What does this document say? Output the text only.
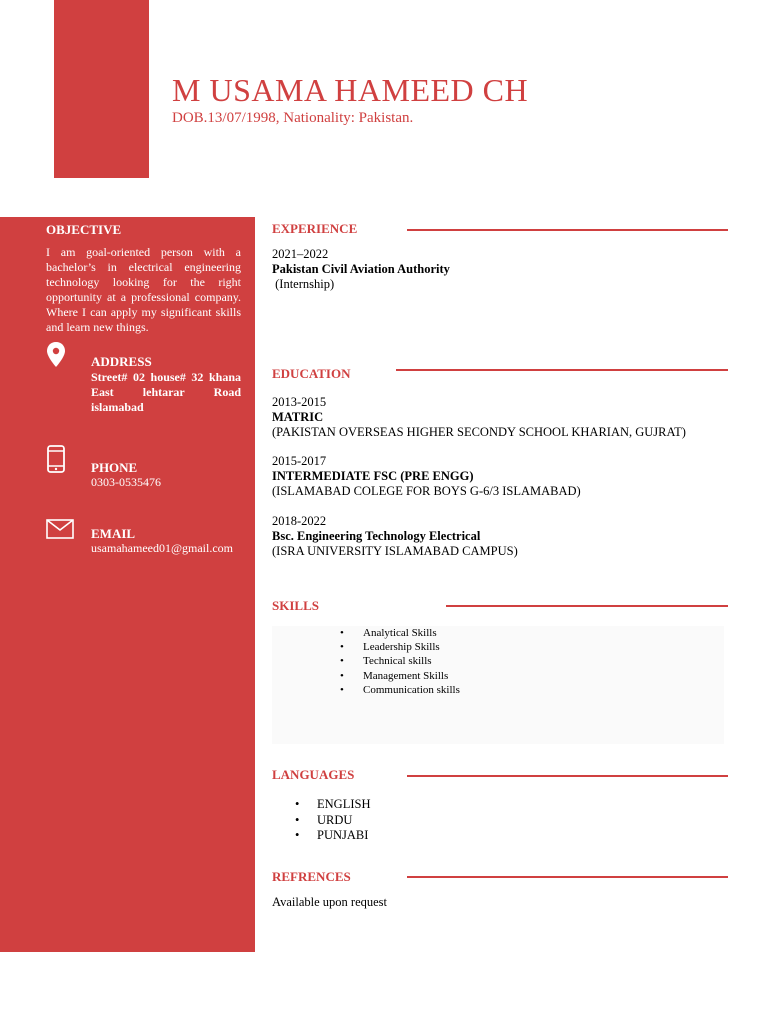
M USAMA HAMEED CH
DOB.13/07/1998, Nationality: Pakistan.
OBJECTIVE
I am goal-oriented person with a bachelor’s in electrical engineering technology looking for the right opportunity at a professional company. Where I can apply my significant skills and learn new things.
ADDRESS
Street# 02 house# 32 khana East lehtarar Road islamabad
PHONE
0303-0535476
EMAIL
usamahameed01@gmail.com
EXPERIENCE
2021–2022
Pakistan Civil Aviation Authority
(Internship)
EDUCATION
2013-2015
MATRIC
(PAKISTAN OVERSEAS HIGHER SECONDY SCHOOL KHARIAN, GUJRAT)
2015-2017
INTERMEDIATE FSC (PRE ENGG)
(ISLAMABAD COLEGE FOR BOYS G-6/3 ISLAMABAD)
2018-2022
Bsc. Engineering Technology Electrical
(ISRA UNIVERSITY ISLAMABAD CAMPUS)
SKILLS
• Analytical Skills
• Leadership Skills
• Technical skills
• Management Skills
• Communication skills
LANGUAGES
• ENGLISH
• URDU
• PUNJABI
REFRENCES
Available upon request
